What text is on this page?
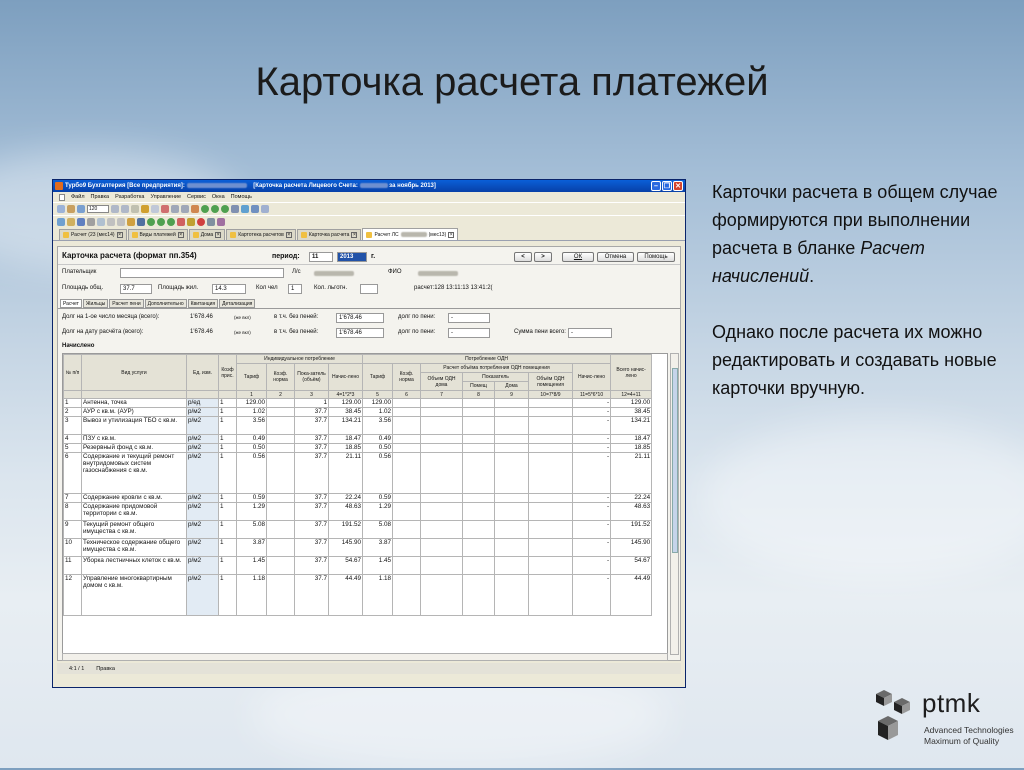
Карточка расчета платежей
Турбо9 Бухгалтерия [Все предприятия]:	[Карточка расчета Лицевого Счета:	за ноябрь 2013]	– ❐ ✕
Файл Правка Разработка Управление Сервис Окна Помощь
120
Расчет (23 (мес14) ×	Виды платежей ×	Дома ×	Картотека расчетов ×	Карточка расчета ×	Расчет ЛС	(мес13) ×
Карточка расчета (формат пп.354)	период:	11	2013	г.	<	>	ОК	Отмена	Помощь
Плательщик	Л/с	ФИО
Площадь общ.	37.7	Площадь жил.	14.3	Кол чел	1	Кол. льготн.	расчет:128 13:11:13 13:41:2(
Расчет	Жильцы	Расчет пени	Дополнительно	Квитанция	Детализация
Долг на 1-ое число месяца (всего):	1'678.46	(же вкл)	в т.ч. без пеней:	1'678.46	долг по пени:	-
Долг на дату расчёта (всего):	1'678.46	(же вкл)	в т.ч. без пеней:	1'678.46	долг по пени:	-	Сумма пени всего: -
Начислено
№ п/п	Вид услуги	Ед. изм.	Коэф прис.	Индивидуальное потребление				Потребление ОДН							Всего начис-лено
				Тариф	Коэф. норма	Пока-затель (объём)	Начис-лено	Тариф	Коэф. норма	Расчет объёма потребления ОДН помещения				Начис-лено	
										Объем ОДН дома	Показатель		Объём ОДН помещения		
											Помещ	Дома			
				1	2	3	4=1*2*3	5	6	7	8	9	10=7*8/9	11=5*6*10	12=4+11
1	Антенна, точка	р/ед	1	129.00		1	129.00	129.00						-	129.00
2	АУР с кв.м. (АУР)	р/м2	1	1.02		37.7	38.45	1.02						-	38.45
3	Вывоз и утилизация ТБО с кв.м.	р/м2	1	3.56		37.7	134.21	3.56						-	134.21
4	ПЗУ с кв.м.	р/м2	1	0.49		37.7	18.47	0.49						-	18.47
5	Резервный фонд с кв.м.	р/м2	1	0.50		37.7	18.85	0.50						-	18.85
6	Содержание и текущий ремонт внутридомовых систем газоснабжения с кв.м.	р/м2	1	0.56		37.7	21.11	0.56						-	21.11
7	Содержание кровли с кв.м.	р/м2	1	0.59		37.7	22.24	0.59						-	22.24
8	Содержание придомовой территории с кв.м.	р/м2	1	1.29		37.7	48.63	1.29						-	48.63
9	Текущий ремонт общего имущества с кв.м.	р/м2	1	5.08		37.7	191.52	5.08						-	191.52
10	Техническое содержание общего имущества с кв.м.	р/м2	1	3.87		37.7	145.90	3.87						-	145.90
11	Уборка лестничных клеток с кв.м.	р/м2	1	1.45		37.7	54.67	1.45						-	54.67
12	Управление многоквартирным домом с кв.м.	р/м2	1	1.18		37.7	44.49	1.18						-	44.49
4:1 / 1 Правка

Карточки расчета в общем случае формируются при выполнении расчета в бланке Расчет начислений.

Однако после расчета их можно редактировать и создавать новые карточки вручную.

ptmk
Advanced Technologies
Maximum of Quality
